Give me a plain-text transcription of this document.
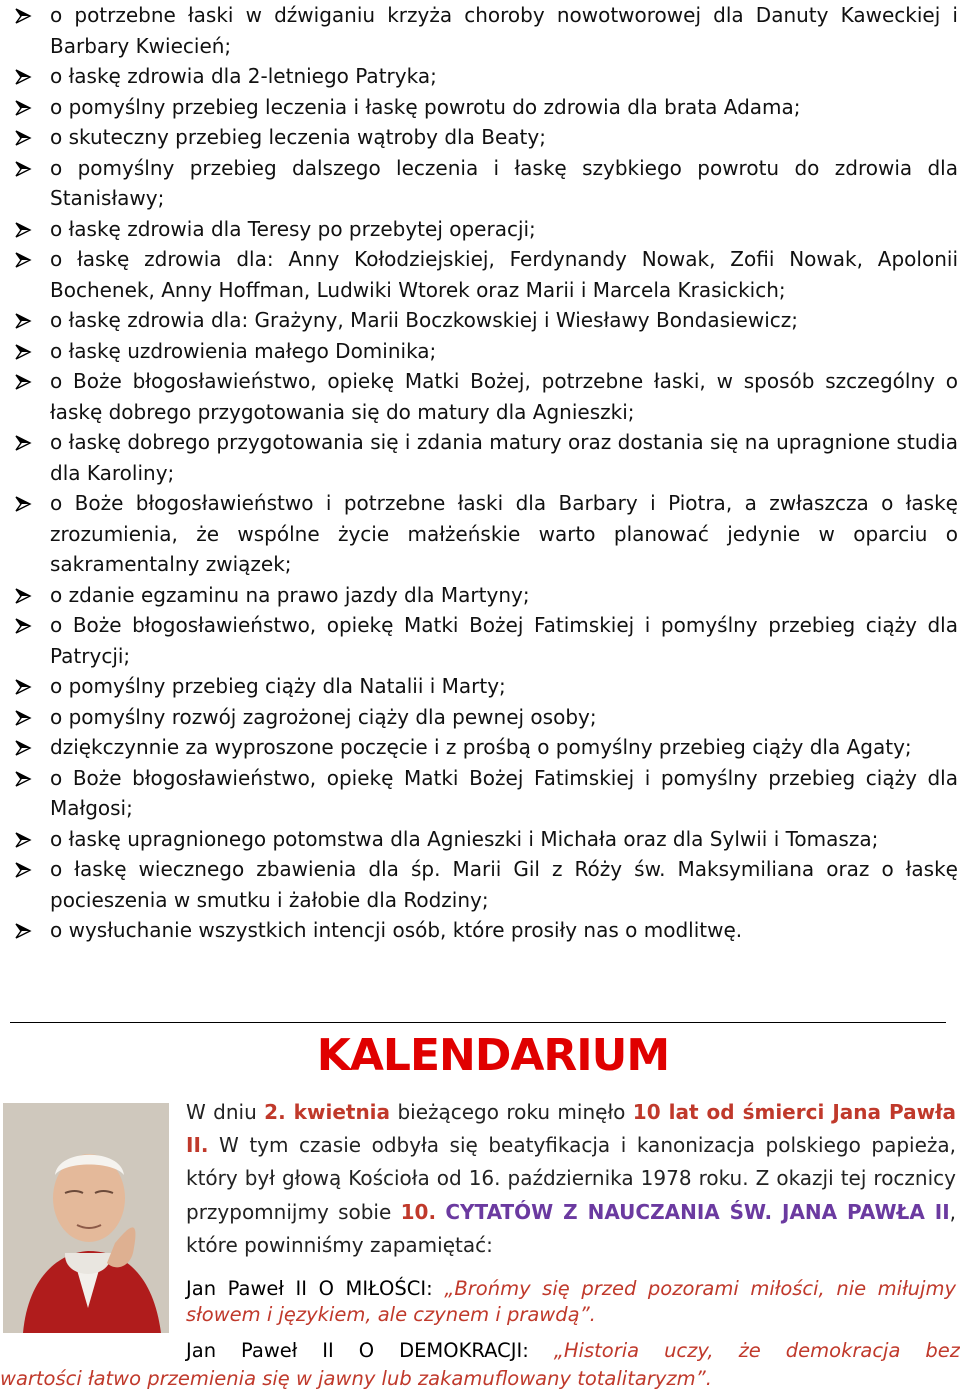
o potrzebne łaski w dźwiganiu krzyża choroby nowotworowej dla Danuty Kaweckiej i Barbary Kwiecień;
o łaskę zdrowia dla 2-letniego Patryka;
o pomyślny przebieg leczenia i łaskę powrotu do zdrowia dla brata Adama;
o skuteczny przebieg leczenia wątroby dla Beaty;
o pomyślny przebieg dalszego leczenia i łaskę szybkiego powrotu do zdrowia dla Stanisławy;
o łaskę zdrowia dla Teresy po przebytej operacji;
o łaskę zdrowia dla: Anny Kołodziejskiej, Ferdynandy Nowak, Zofii Nowak, Apolonii Bochenek, Anny Hoffman, Ludwiki Wtorek oraz Marii i Marcela Krasickich;
o łaskę zdrowia dla: Grażyny, Marii Boczkowskiej i Wiesławy Bondasiewicz;
o łaskę uzdrowienia małego Dominika;
o Boże błogosławieństwo, opiekę Matki Bożej, potrzebne łaski, w sposób szczególny o łaskę dobrego przygotowania się do matury dla Agnieszki;
o łaskę dobrego przygotowania się i zdania matury oraz dostania się na upragnione studia dla Karoliny;
o Boże błogosławieństwo i potrzebne łaski dla Barbary i Piotra, a zwłaszcza o łaskę zrozumienia, że wspólne życie małżeńskie warto planować jedynie w oparciu o sakramentalny związek;
o zdanie egzaminu na prawo jazdy dla Martyny;
o Boże błogosławieństwo, opiekę Matki Bożej Fatimskiej i pomyślny przebieg ciąży dla Patrycji;
o pomyślny przebieg ciąży dla Natalii i Marty;
o pomyślny rozwój zagrożonej ciąży dla pewnej osoby;
dziękczynnie za wyproszone poczęcie i z prośbą o pomyślny przebieg ciąży dla Agaty;
o Boże błogosławieństwo, opiekę Matki Bożej Fatimskiej i pomyślny przebieg ciąży dla Małgosi;
o łaskę upragnionego potomstwa dla Agnieszki i Michała oraz dla Sylwii i Tomasza;
o łaskę wiecznego zbawienia dla śp. Marii Gil z Róży św. Maksymiliana oraz o łaskę pocieszenia w smutku i żałobie dla Rodziny;
o wysłuchanie wszystkich intencji osób, które prosiły nas o modlitwę.
KALENDARIUM
W dniu 2. kwietnia bieżącego roku minęło 10 lat od śmierci Jana Pawła II. W tym czasie odbyła się beatyfikacja i kanonizacja polskiego papieża, który był głową Kościoła od 16. października 1978 roku. Z okazji tej rocznicy przypomnijmy sobie 10. CYTATÓW Z NAUCZANIA ŚW. JANA PAWŁA II, które powinniśmy zapamiętać:
Jan Paweł II O MIŁOŚCI: „Brońmy się przed pozorami miłości, nie miłujmy słowem i językiem, ale czynem i prawdą”.
Jan Paweł II O DEMOKRACJI: „Historia uczy, że demokracja bez
wartości łatwo przemienia się w jawny lub zakamuflowany totalitaryzm”.
